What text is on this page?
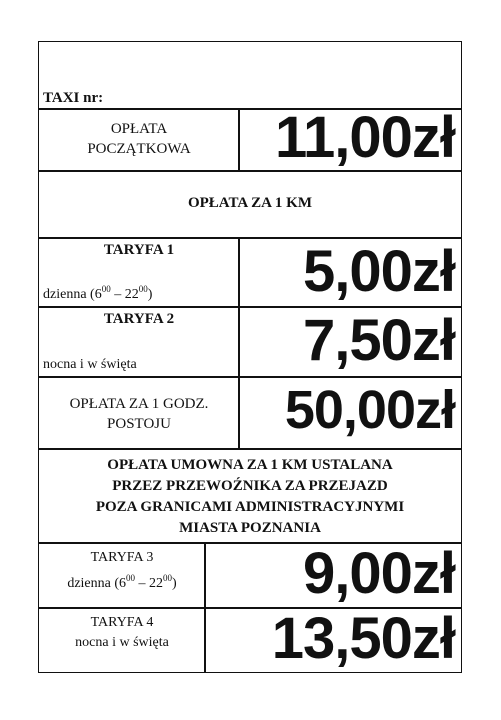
TAXI nr:
OPŁATA
POCZĄTKOWA	11,00zł
OPŁATA ZA 1 KM
TARYFA 1
dzienna $(6^{00} - 22^{00})$	5,00zł
TARYFA 2
nocna i w święta	7,50zł
OPŁATA ZA 1 GODZ.
POSTOJU	50,00zł
OPŁATA UMOWNA ZA 1 KM USTALANA
PRZEZ PRZEWOŹNIKA ZA PRZEJAZD
POZA GRANICAMI ADMINISTRACYJNYMI
MIASTA POZNANIA
TARYFA 3
dzienna $(6^{00} - 22^{00})$	9,00zł
TARYFA 4
nocna i w święta	13,50zł
